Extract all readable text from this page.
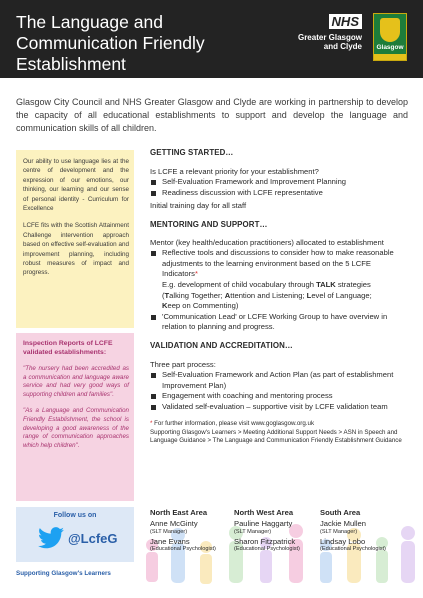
The Language and Communication Friendly Establishment
NHS
Greater Glasgow
and Clyde	Glasgow
Glasgow City Council and NHS Greater Glasgow and Clyde are working in partnership to develop the capacity of all educational establishments to support and develop the language and communication skills of all children.

Our ability to use language lies at the centre of development and the expression of our emotions, our thinking, our learning and our sense of personal identity - Curriculum for Excellence

LCFE fits with the Scottish Attainment Challenge intervention approach based on effective self-evaluation and improvement planning, including robust measures of impact and progress.

Inspection Reports of LCFE validated establishments:
"The nursery had been accredited as a communication and language aware service and had very good ways of supporting children and families".
"As a Language and Communication Friendly Establishment, the school is developing a good awareness of the range of communication approaches which help children".
Follow us on
@LcfeG
Supporting Glasgow's Learners
GETTING STARTED…
Is LCFE a relevant priority for your establishment?
Self-Evaluation Framework and Improvement Planning
Readiness discussion with LCFE representative
Initial training day for all staff
MENTORING AND SUPPORT…
Mentor (key health/education practitioners) allocated to establishment
Reflective tools and discussions to consider how to make reasonable adjustments to the learning environment based on the 5 LCFE Indicators*
E.g. development of child vocabulary through TALK strategies
(Talking Together; Attention and Listening; Level of Language;
Keep on Commenting)
'Communication Lead' or LCFE Working Group to have overview in relation to planning and progress.
VALIDATION AND ACCREDITATION…
Three part process:
Self-Evaluation Framework and Action Plan (as part of establishment Improvement Plan)
Engagement with coaching and mentoring process
Validated self-evaluation – supportive visit by LCFE validation team
* For further information, please visit www.goglasgow.org.uk
Supporting Glasgow's Learners > Meeting Additional Support Needs > ASN in Speech and Language Guidance > The Language and Communication Friendly Establishment Guidance
North East Area
Anne McGinty
(SLT Manager)
Jane Evans
(Educational Psychologist)
North West Area
Pauline Haggarty
(SLT Manager)
Sharon Fitzpatrick
(Educational Psychologist)
South Area
Jackie Mullen
(SLT Manager)
Lindsay Lobo
(Educational Psychologist)
